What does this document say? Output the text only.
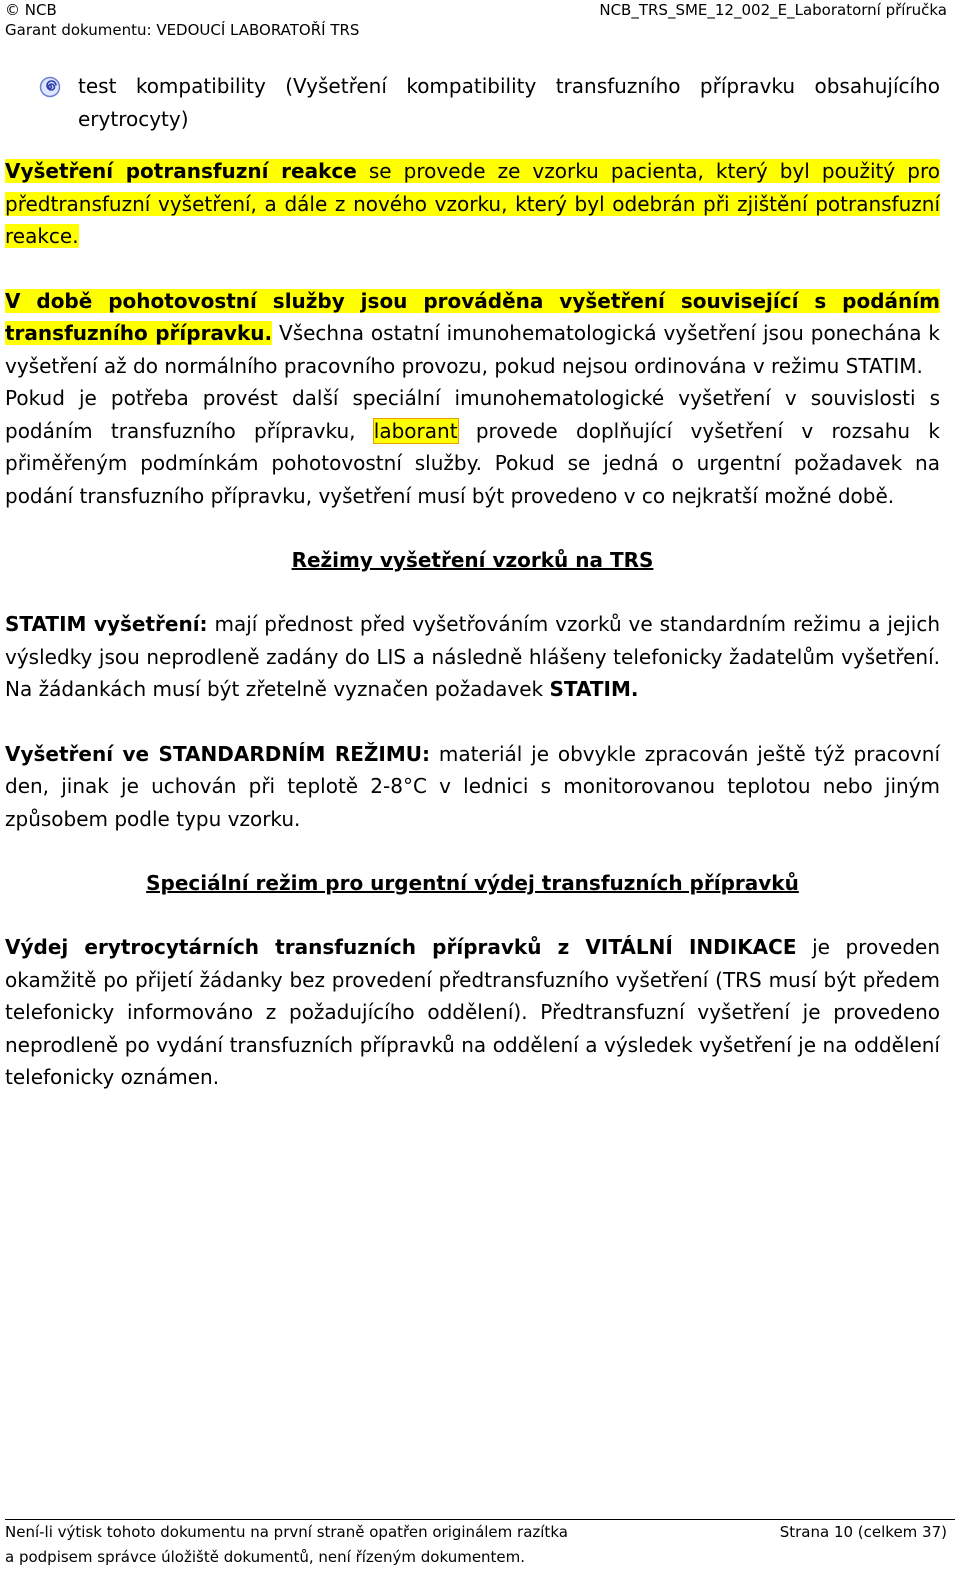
© NCB
Garant dokumentu: VEDOUCÍ LABORATOŘÍ TRS
NCB_TRS_SME_12_002_E_Laboratorní příručka

test kompatibility (Vyšetření kompatibility transfuzního přípravku obsahujícího erytrocyty)

Vyšetření potransfuzní reakce se provede ze vzorku pacienta, který byl použitý pro předtransfuzní vyšetření, a dále z nového vzorku, který byl odebrán při zjištění potransfuzní reakce.

V době pohotovostní služby jsou prováděna vyšetření související s podáním transfuzního přípravku. Všechna ostatní imunohematologická vyšetření jsou ponechána k vyšetření až do normálního pracovního provozu, pokud nejsou ordinována v režimu STATIM.

Pokud je potřeba provést další speciální imunohematologické vyšetření v souvislosti s podáním transfuzního přípravku, laborant provede doplňující vyšetření v rozsahu k přiměřeným podmínkám pohotovostní služby. Pokud se jedná o urgentní požadavek na podání transfuzního přípravku, vyšetření musí být provedeno v co nejkratší možné době.

Režimy vyšetření vzorků na TRS

STATIM vyšetření: mají přednost před vyšetřováním vzorků ve standardním režimu a jejich výsledky jsou neprodleně zadány do LIS a následně hlášeny telefonicky žadatelům vyšetření. Na žádankách musí být zřetelně vyznačen požadavek STATIM.

Vyšetření ve STANDARDNÍM REŽIMU: materiál je obvykle zpracován ještě týž pracovní den, jinak je uchován při teplotě 2-8°C v lednici s monitorovanou teplotou nebo jiným způsobem podle typu vzorku.

Speciální režim pro urgentní výdej transfuzních přípravků

Výdej erytrocytárních transfuzních přípravků z VITÁLNÍ INDIKACE je proveden okamžitě po přijetí žádanky bez provedení předtransfuzního vyšetření (TRS musí být předem telefonicky informováno z požadujícího oddělení). Předtransfuzní vyšetření je provedeno neprodleně po vydání transfuzních přípravků na oddělení a výsledek vyšetření je na oddělení telefonicky oznámen.

Není-li výtisk tohoto dokumentu na první straně opatřen originálem razítka
a podpisem správce úložiště dokumentů, není řízeným dokumentem.
Strana 10 (celkem 37)
